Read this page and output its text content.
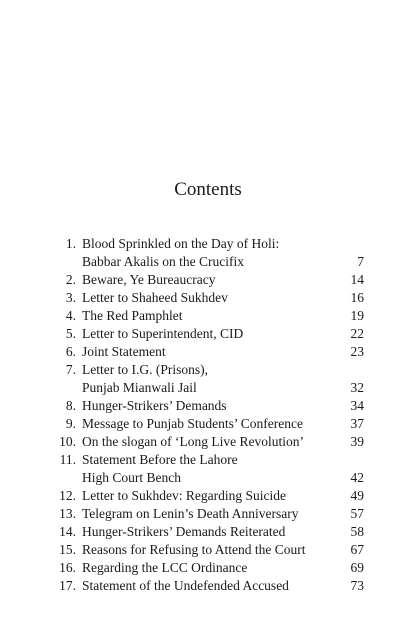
Contents
1. Blood Sprinkled on the Day of Holi:
Babbar Akalis on the Crucifix	7
2. Beware, Ye Bureaucracy	14
3. Letter to Shaheed Sukhdev	16
4. The Red Pamphlet	19
5. Letter to Superintendent, CID	22
6. Joint Statement	23
7. Letter to I.G. (Prisons),
Punjab Mianwali Jail	32
8. Hunger-Strikers’ Demands	34
9. Message to Punjab Students’ Conference	37
10. On the slogan of ‘Long Live Revolution’	39
11. Statement Before the Lahore
High Court Bench	42
12. Letter to Sukhdev: Regarding Suicide	49
13. Telegram on Lenin’s Death Anniversary	57
14. Hunger-Strikers’ Demands Reiterated	58
15. Reasons for Refusing to Attend the Court	67
16. Regarding the LCC Ordinance	69
17. Statement of the Undefended Accused	73
